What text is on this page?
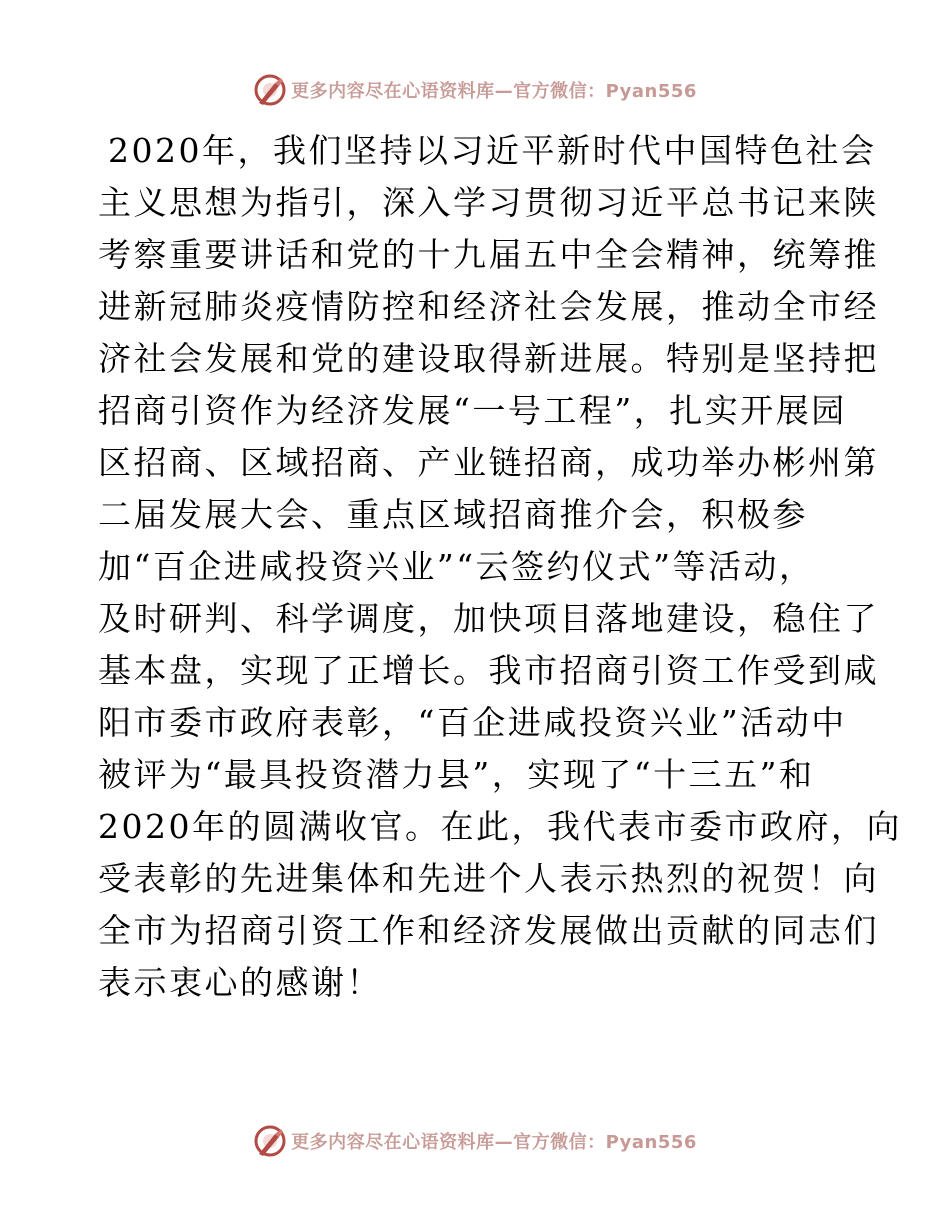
更多内容尽在心语资料库—官方微信：Pyan556
2020年，我们坚持以习近平新时代中国特色社会
主义思想为指引，深入学习贯彻习近平总书记来陕
考察重要讲话和党的十九届五中全会精神，统筹推
进新冠肺炎疫情防控和经济社会发展，推动全市经
济社会发展和党的建设取得新进展。特别是坚持把
招商引资作为经济发展“一号工程”，扎实开展园
区招商、区域招商、产业链招商，成功举办彬州第
二届发展大会、重点区域招商推介会，积极参
加“百企进咸投资兴业”“云签约仪式”等活动，
及时研判、科学调度，加快项目落地建设，稳住了
基本盘，实现了正增长。我市招商引资工作受到咸
阳市委市政府表彰，“百企进咸投资兴业”活动中
被评为“最具投资潜力县”，实现了“十三五”和
2020年的圆满收官。在此，我代表市委市政府，向
受表彰的先进集体和先进个人表示热烈的祝贺！向
全市为招商引资工作和经济发展做出贡献的同志们
表示衷心的感谢！
更多内容尽在心语资料库—官方微信：Pyan556
